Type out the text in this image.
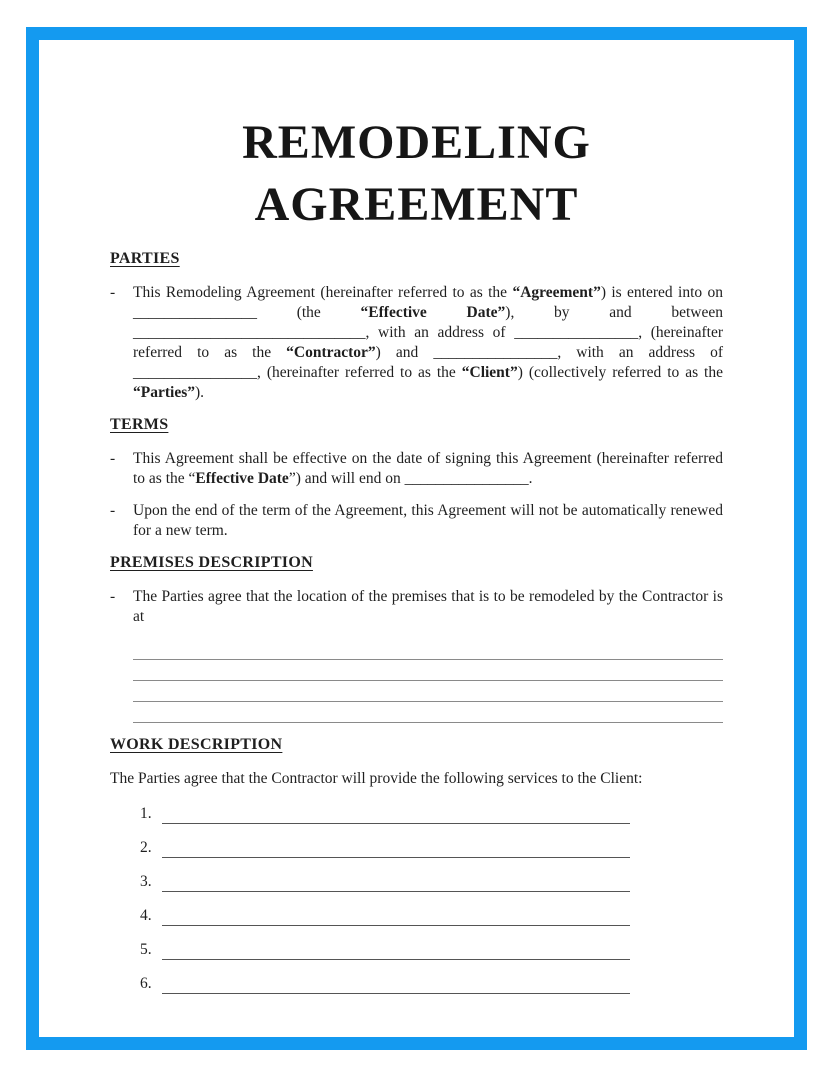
REMODELING
AGREEMENT
PARTIES
-	This Remodeling Agreement (hereinafter referred to as the “Agreement”) is entered into on ________________ (the “Effective Date”), by and between ______________________________, with an address of ________________, (hereinafter referred to as the “Contractor”) and ________________, with an address of ________________, (hereinafter referred to as the “Client”) (collectively referred to as the “Parties”).
TERMS
-	This Agreement shall be effective on the date of signing this Agreement (hereinafter referred to as the “Effective Date”) and will end on ________________.
-	Upon the end of the term of the Agreement, this Agreement will not be automatically renewed for a new term.
PREMISES DESCRIPTION
-	The Parties agree that the location of the premises that is to be remodeled by the Contractor is at
WORK DESCRIPTION
The Parties agree that the Contractor will provide the following services to the Client:
1.
2.
3.
4.
5.
6.
